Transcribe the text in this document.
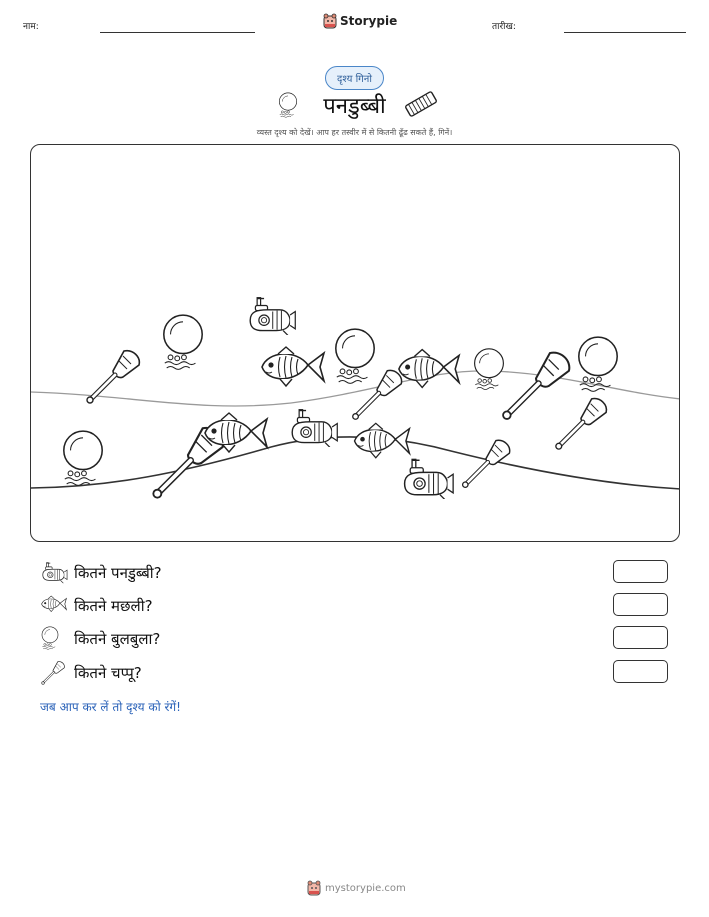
नाम:	Storypie	तारीख:
दृश्य गिनो
पनडुब्बी
व्यस्त दृश्य को देखें। आप हर तस्वीर में से कितनी ढूँढ सकते हैं, गिनें।
कितने पनडुब्बी?
कितने मछली?
कितने बुलबुला?
कितने चप्पू?
जब आप कर लें तो दृश्य को रंगें!
mystorypie.com
